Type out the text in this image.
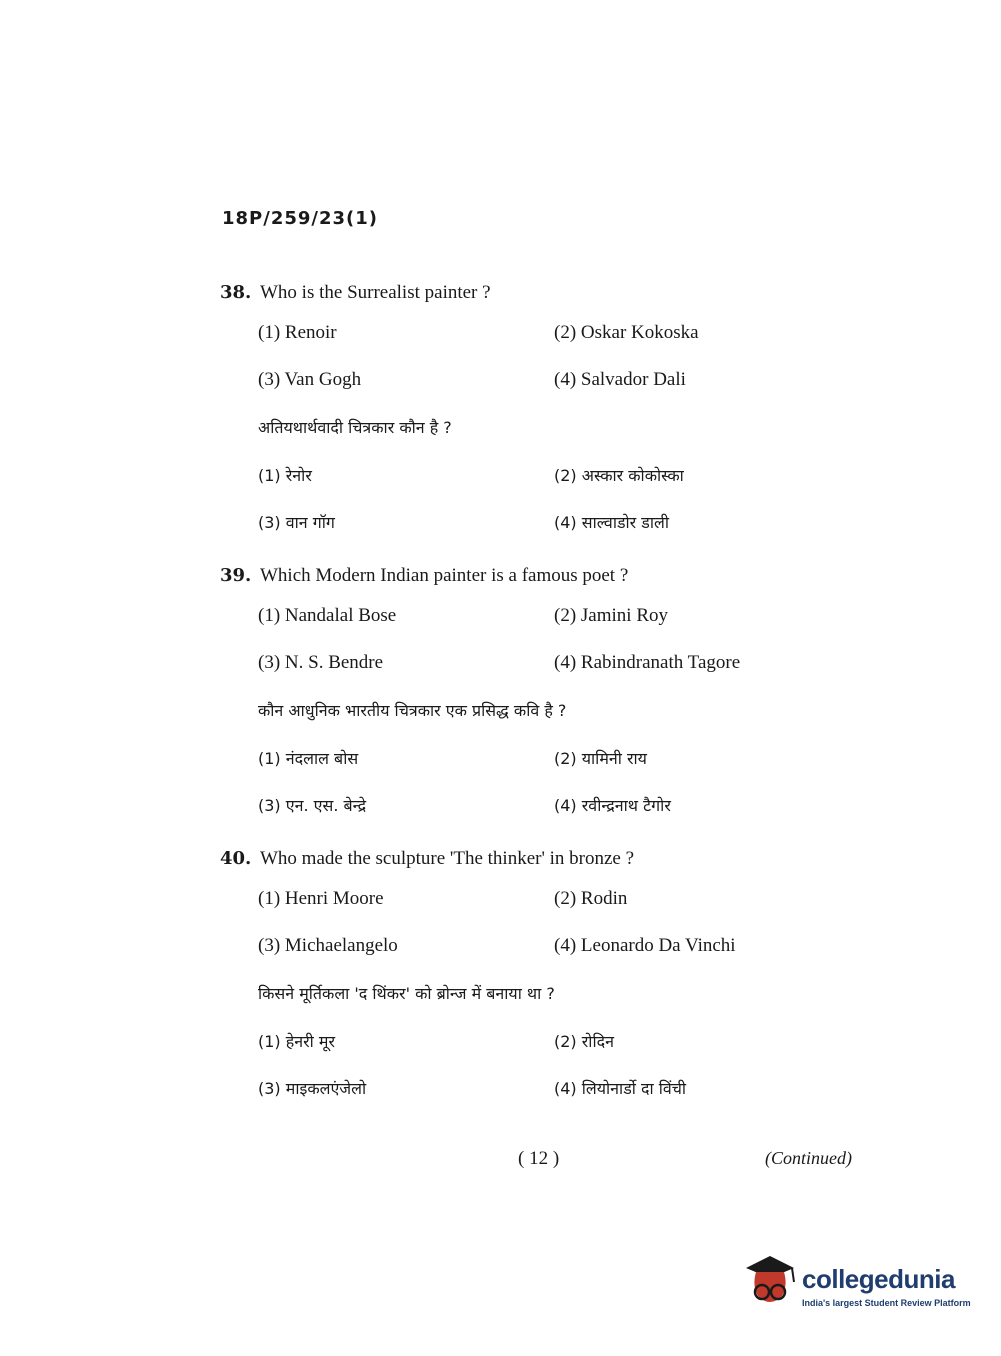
18P/259/23(1)
38. Who is the Surrealist painter ?
(1) Renoir	(2) Oskar Kokoska
(3) Van Gogh	(4) Salvador Dali
अतियथार्थवादी चित्रकार कौन है ?
(1) रेनोर	(2) अस्कार कोकोस्का
(3) वान गॉग	(4) साल्वाडोर डाली
39. Which Modern Indian painter is a famous poet ?
(1) Nandalal Bose	(2) Jamini Roy
(3) N. S. Bendre	(4) Rabindranath Tagore
कौन आधुनिक भारतीय चित्रकार एक प्रसिद्ध कवि है ?
(1) नंदलाल बोस	(2) यामिनी राय
(3) एन. एस. बेन्द्रे	(4) रवीन्द्रनाथ टैगोर
40. Who made the sculpture 'The thinker' in bronze ?
(1) Henri Moore	(2) Rodin
(3) Michaelangelo	(4) Leonardo Da Vinchi
किसने मूर्तिकला 'द थिंकर' को ब्रोन्ज में बनाया था ?
(1) हेनरी मूर	(2) रोदिन
(3) माइकलएंजेलो	(4) लियोनार्डो दा विंची
( 12 )	(Continued)
collegedunia
India's largest Student Review Platform
